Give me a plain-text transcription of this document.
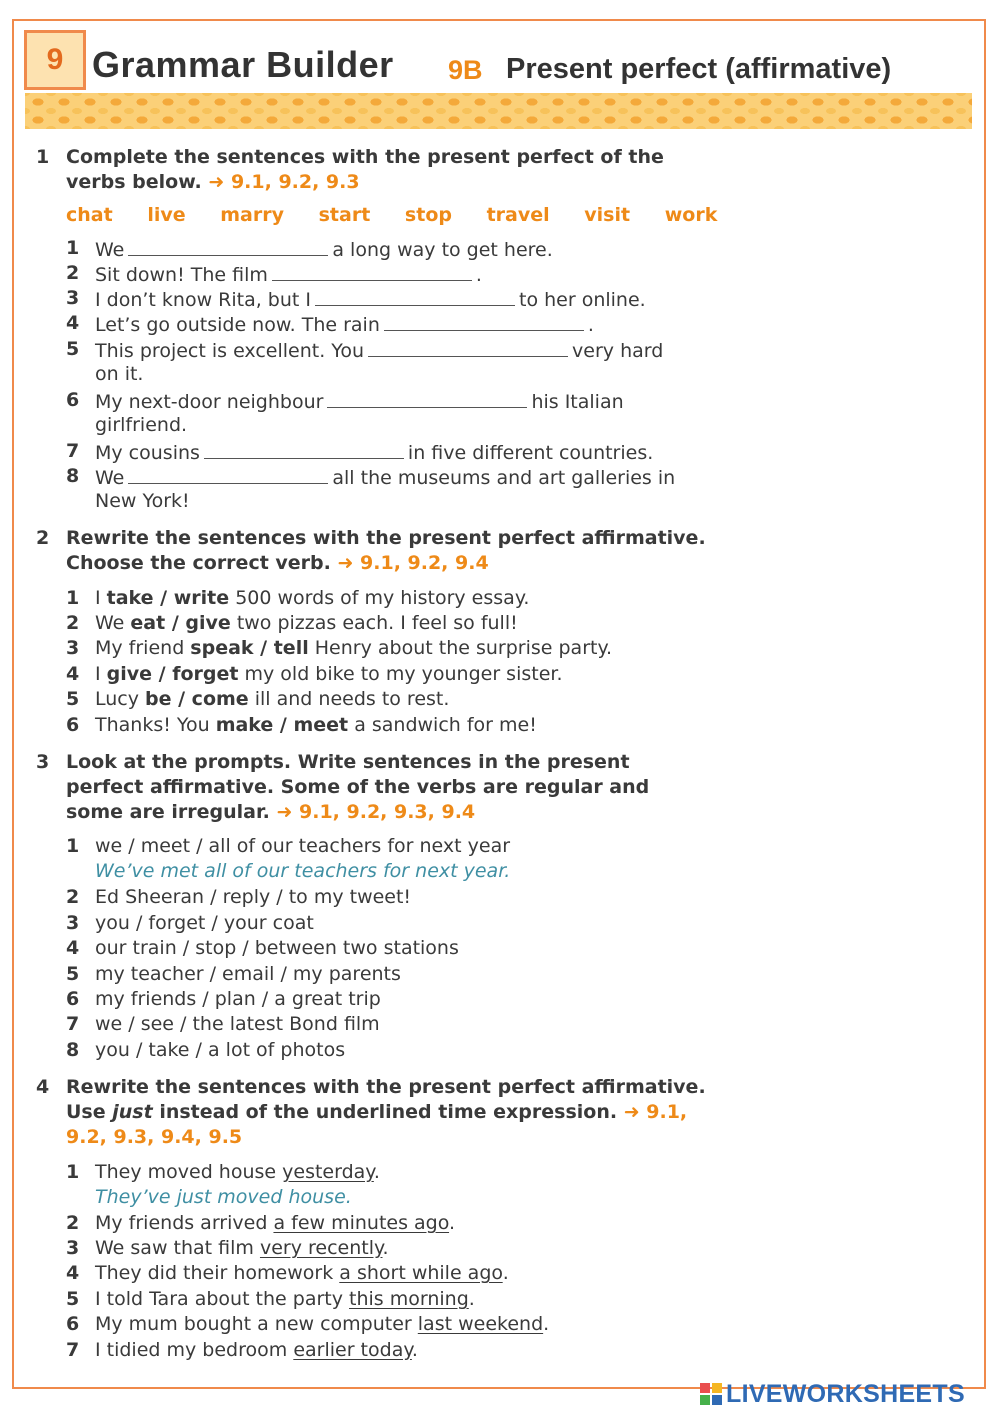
9 Grammar Builder 9B Present perfect (affirmative)
1 Complete the sentences with the present perfect of the verbs below. ➜ 9.1, 9.2, 9.3
chat live marry start stop travel visit work
1 We	a long way to get here.
2 Sit down! The film	.
3 I don’t know Rita, but I	to her online.
4 Let’s go outside now. The rain	.
5 This project is excellent. You	very hard
on it.
6 My next-door neighbour	his Italian
girlfriend.
7 My cousins	in five different countries.
8 We	all the museums and art galleries in
New York!
2 Rewrite the sentences with the present perfect affirmative. Choose the correct verb. ➜ 9.1, 9.2, 9.4
1 I take / write 500 words of my history essay.
2 We eat / give two pizzas each. I feel so full!
3 My friend speak / tell Henry about the surprise party.
4 I give / forget my old bike to my younger sister.
5 Lucy be / come ill and needs to rest.
6 Thanks! You make / meet a sandwich for me!
3 Look at the prompts. Write sentences in the present
perfect affirmative. Some of the verbs are regular and
some are irregular. ➜ 9.1, 9.2, 9.3, 9.4
1 we / meet / all of our teachers for next year
We’ve met all of our teachers for next year.
2 Ed Sheeran / reply / to my tweet!
3 you / forget / your coat
4 our train / stop / between two stations
5 my teacher / email / my parents
6 my friends / plan / a great trip
7 we / see / the latest Bond film
8 you / take / a lot of photos
4 Rewrite the sentences with the present perfect affirmative.
Use just instead of the underlined time expression. ➜ 9.1,
9.2, 9.3, 9.4, 9.5
1 They moved house yesterday.
They’ve just moved house.
2 My friends arrived a few minutes ago.
3 We saw that film very recently.
4 They did their homework a short while ago.
5 I told Tara about the party this morning.
6 My mum bought a new computer last weekend.
7 I tidied my bedroom earlier today.
LIVEWORKSHEETS
